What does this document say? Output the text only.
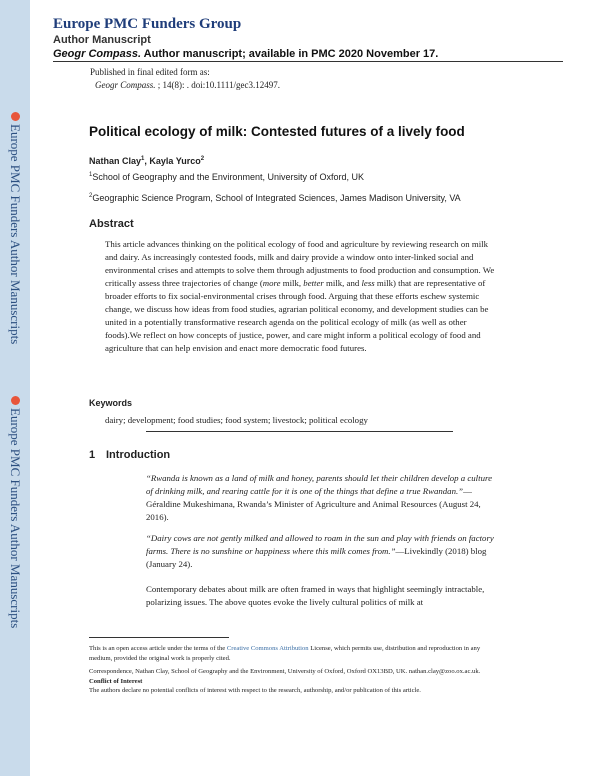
Europe PMC Funders Author Manuscripts
Europe PMC Funders Author Manuscripts
Europe PMC Funders Group
Author Manuscript
Geogr Compass. Author manuscript; available in PMC 2020 November 17.
Published in final edited form as:
Geogr Compass. ; 14(8): . doi:10.1111/gec3.12497.
Political ecology of milk: Contested futures of a lively food
Nathan Clay$^1$, Kayla Yurco$^2$
$^1$School of Geography and the Environment, University of Oxford, UK
$^2$Geographic Science Program, School of Integrated Sciences, James Madison University, VA
Abstract
This article advances thinking on the political ecology of food and agriculture by reviewing research on milk and dairy. As increasingly contested foods, milk and dairy provide a window onto inter-linked social and environmental crises and attempts to solve them through adjustments to food production and consumption. We critically assess three trajectories of change (more milk, better milk, and less milk) that are representative of broader efforts to fix social-environmental crises through food. Arguing that these efforts eschew systemic change, we discuss how ideas from food studies, agrarian political economy, and development studies can be united in a potentially transformative research agenda on the political ecology of milk (as well as other foods).We reflect on how concepts of justice, power, and care might inform a political ecology of food and agriculture that can help envision and enact more democratic food futures.
Keywords
dairy; development; food studies; food system; livestock; political ecology
1 Introduction
“Rwanda is known as a land of milk and honey, parents should let their children develop a culture of drinking milk, and rearing cattle for it is one of the things that define a true Rwandan.”—Géraldine Mukeshimana, Rwanda’s Minister of Agriculture and Animal Resources (August 24, 2016).
“Dairy cows are not gently milked and allowed to roam in the sun and play with friends on factory farms. There is no sunshine or happiness where this milk comes from.”—Livekindly (2018) blog (January 24).
Contemporary debates about milk are often framed in ways that highlight seemingly intractable, polarizing issues. The above quotes evoke the lively cultural politics of milk at
This is an open access article under the terms of the Creative Commons Attribution License, which permits use, distribution and reproduction in any medium, provided the original work is properly cited.
Correspondence, Nathan Clay, School of Geography and the Environment, University of Oxford, Oxford OX13BD, UK. nathan.clay@zoo.ox.ac.uk.
Conflict of Interest
The authors declare no potential conflicts of interest with respect to the research, authorship, and/or publication of this article.
